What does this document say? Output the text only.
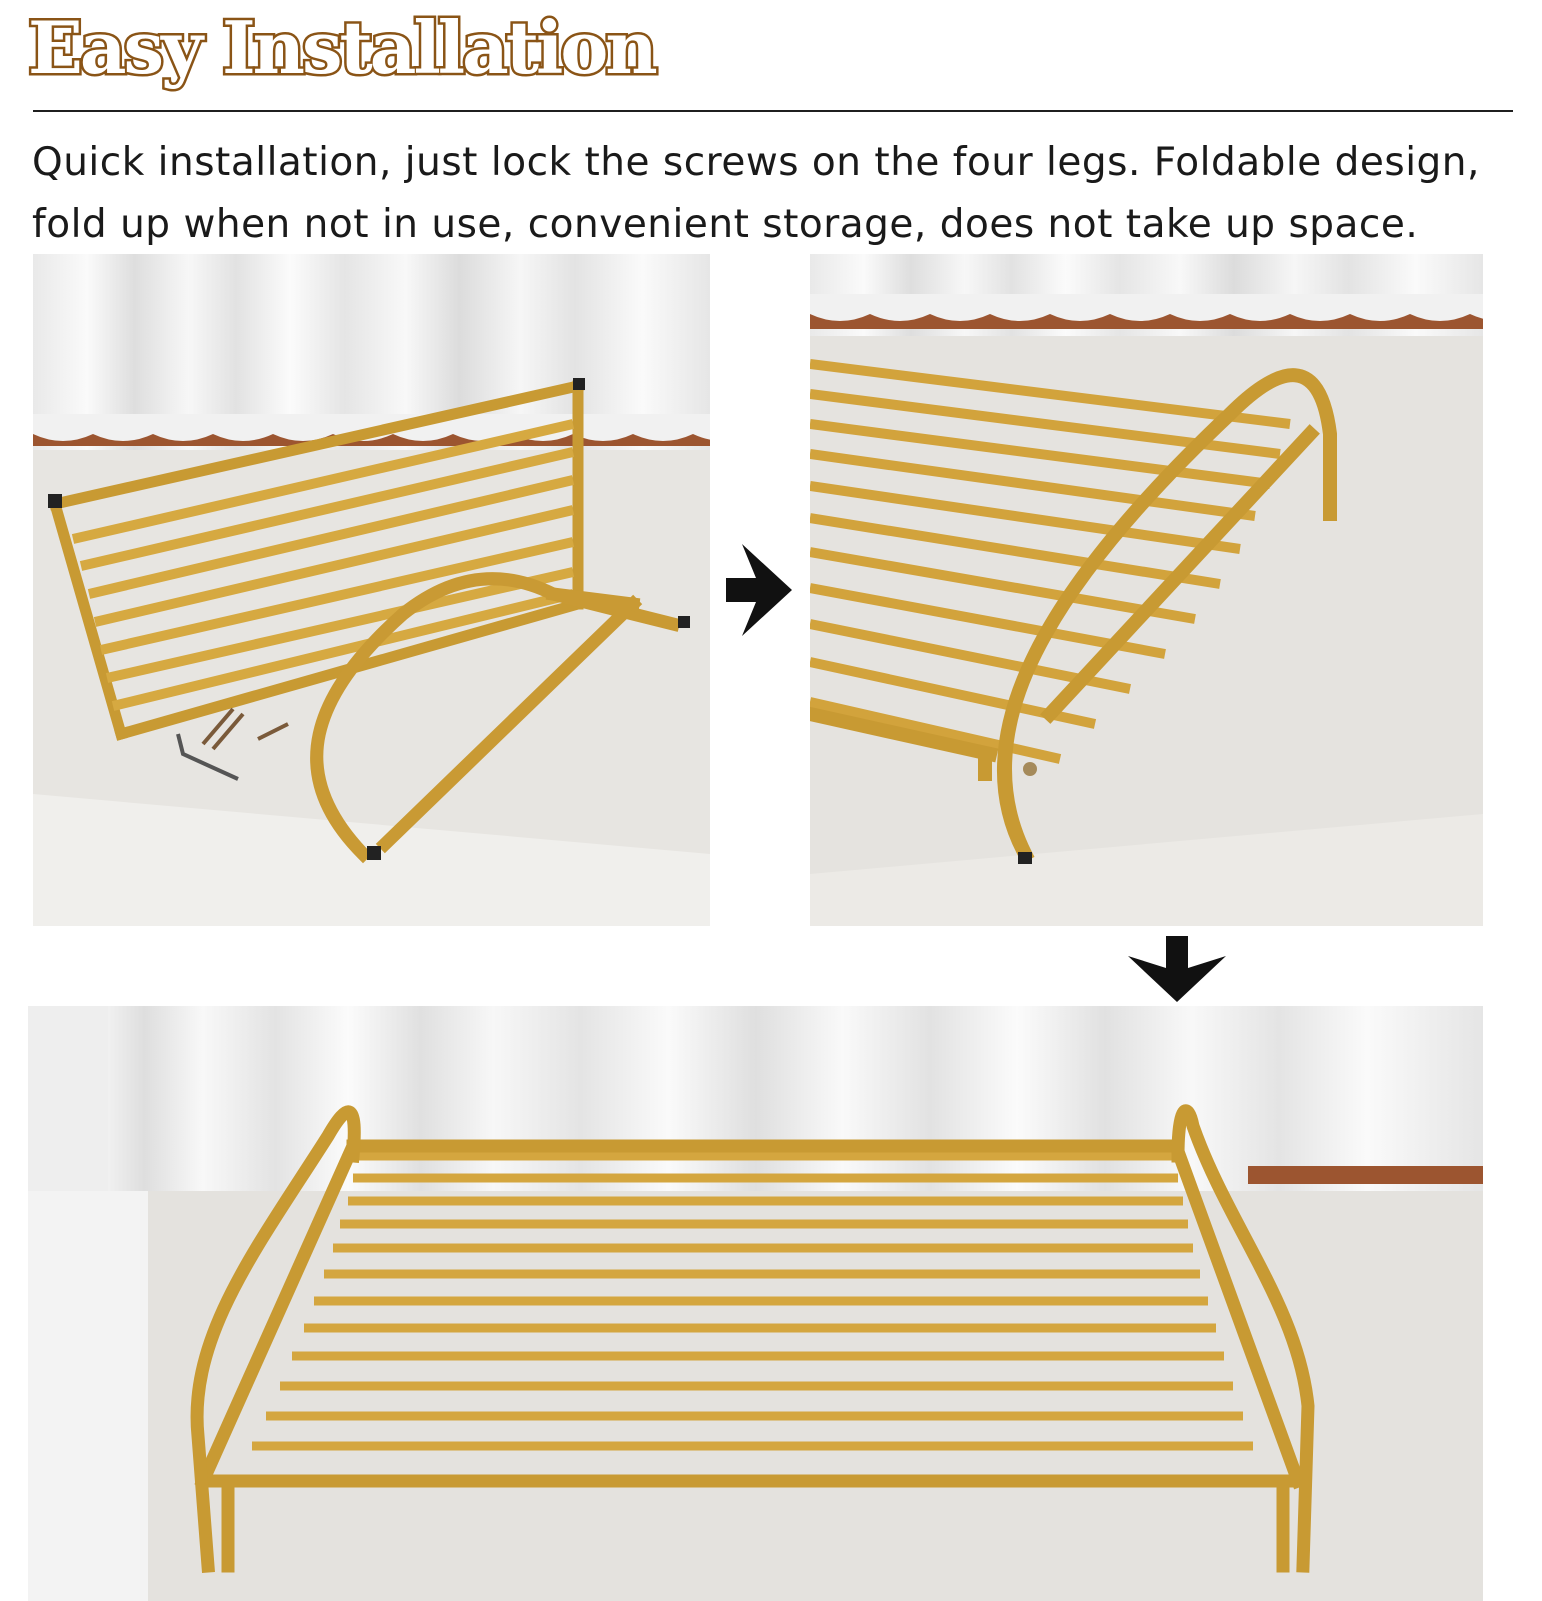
Easy Installation

Quick installation, just lock the screws on the four legs. Foldable design, fold up when not in use, convenient storage, does not take up space.
